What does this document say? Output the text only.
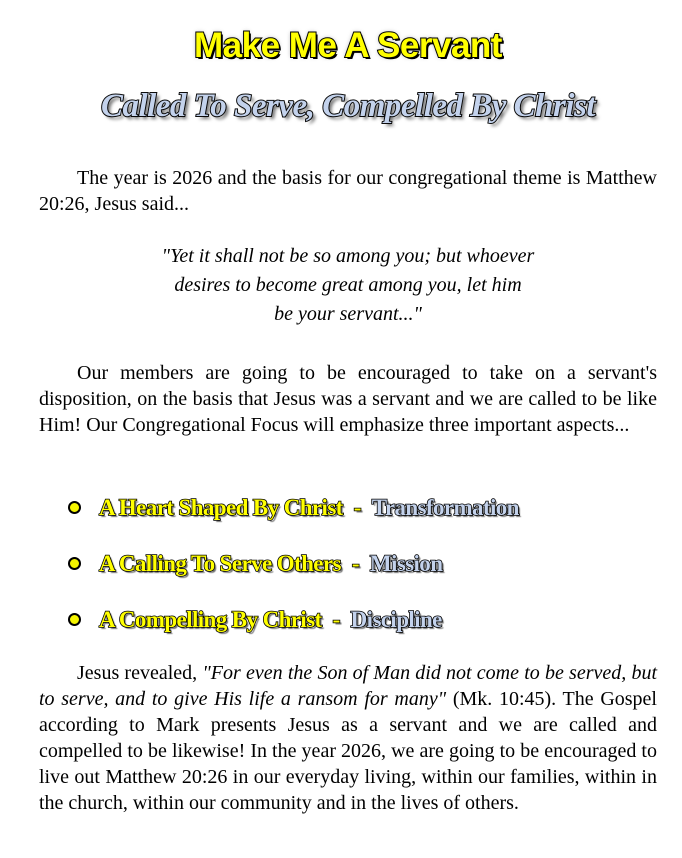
Make Me A Servant
Called To Serve, Compelled By Christ

The year is 2026 and the basis for our congregational theme is Matthew 20:26, Jesus said...

"Yet it shall not be so among you; but whoever
desires to become great among you, let him
be your servant..."

Our members are going to be encouraged to take on a servant's disposition, on the basis that Jesus was a servant and we are called to be like Him! Our Congregational Focus will emphasize three important aspects...

A Heart Shaped By Christ - Transformation
A Calling To Serve Others - Mission
A Compelling By Christ - Discipline

Jesus revealed, "For even the Son of Man did not come to be served, but to serve, and to give His life a ransom for many" (Mk. 10:45). The Gospel according to Mark presents Jesus as a servant and we are called and compelled to be likewise! In the year 2026, we are going to be encouraged to live out Matthew 20:26 in our everyday living, within our families, within in the church, within our community and in the lives of others.
